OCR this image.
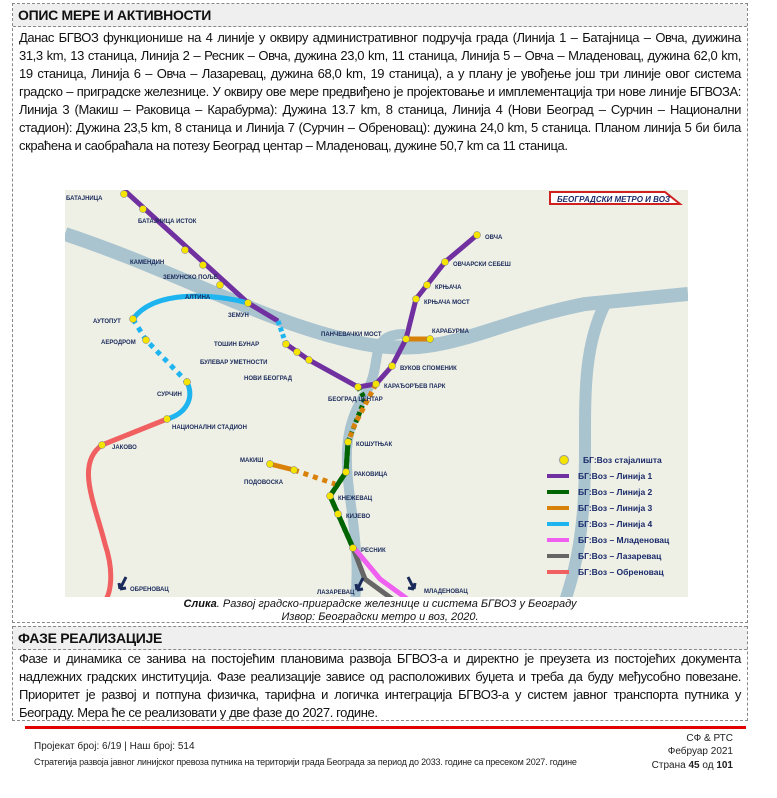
ОПИС МЕРЕ И АКТИВНОСТИ
Данас БГВОЗ функционише на 4 линије у оквиру административног подручја града (Линија 1 – Батајница – Овча, дуижина 31,3 km, 13 станица, Линија 2 – Ресник – Овча, дужина 23,0 km, 11 станица, Линија 5 – Овча – Младеновац, дужина 62,0 km, 19 станица, Линија 6 – Овча – Лазаревац, дужина 68,0 km, 19 станица), а у плану је увођење још три линије овог система градско – приградске железнице. У оквиру ове мере предвиђено је пројектовање и имплементација три нове линије БГВОЗА: Линија 3 (Макиш – Раковица – Карабурма): Дужина 13.7 km, 8 станица, Линија 4 (Нови Београд – Сурчин – Национални стадион): Дужина 23,5 km, 8 станица и Линија 7 (Сурчин – Обреновац): дужина 24,0 km, 5 станица. Планом линија 5 би била скраћена и саобраћала на потезу Београд центар – Младеновац, дужине 50,7 km са 11 станица.
БАТАЈНИЦА
БАТАЈНИЦА ИСТОК
КАМЕНДИН
ЗЕМУНСКО ПОЉЕ
АЛТИНА
ЗЕМУН
ТОШИН БУНАР
БУЛЕВАР УМЕТНОСТИ
НОВИ БЕОГРАД
БЕОГРАД ЦЕНТАР
КАРАЂОРЂЕВ ПАРК
ВУКОВ СПОМЕНИК
ПАНЧЕВАЧКИ МОСТ	КАРАБУРМА
КРЊАЧА МОСТ
КРЊАЧА
ОВЧАРСКИ СЕБЕШ
ОВЧА
АУТОПУТ
АЕРОДРОМ
СУРЧИН
НАЦИОНАЛНИ СТАДИОН
ЈАКОВО	КОШУТЊАК
РАКОВИЦА
МАКИШ
ПОДОВОСКА
КНЕЖЕВАЦ
КИЈЕВО
РЕСНИК
ОБРЕНОВАЦ	ЛАЗАРЕВАЦ	МЛАДЕНОВАЦ
БЕОГРАДСКИ МЕТРО И ВОЗ
БГ:Воз стајалишта
БГ:Воз – Линија 1
БГ:Воз – Линија 2
БГ:Воз – Линија 3
БГ:Воз – Линија 4
БГ:Воз – Младеновац
БГ:Воз – Лазаревац
БГ:Воз – Обреновац
Слика. Развој градско-приградске железнице и система БГВОЗ у Београду
Извор: Београдски метро и воз, 2020.
ФАЗЕ РЕАЛИЗАЦИЈЕ
Фазе и динамика се занива на постојећим плановима развоја БГВОЗ-а и директно је преузета из постојећих документа надлежних градских институција. Фазе реализације зависе од расположивих буџета и треба да буду међусобно повезане. Приоритет је развој и потпуна физичка, тарифна и логичка интеграција БГВОЗ-а у систем јавног транспорта путника у Београду. Мера ће се реализовати у две фазе до 2027. године.
Пројекат број: 6/19 | Наш број: 514
Стратегија развоја јавног линијског превоза путника на територији града Београда за период до 2033. године са пресеком 2027. године
СФ & РТС
Фебруар 2021
Страна 45 од 101
